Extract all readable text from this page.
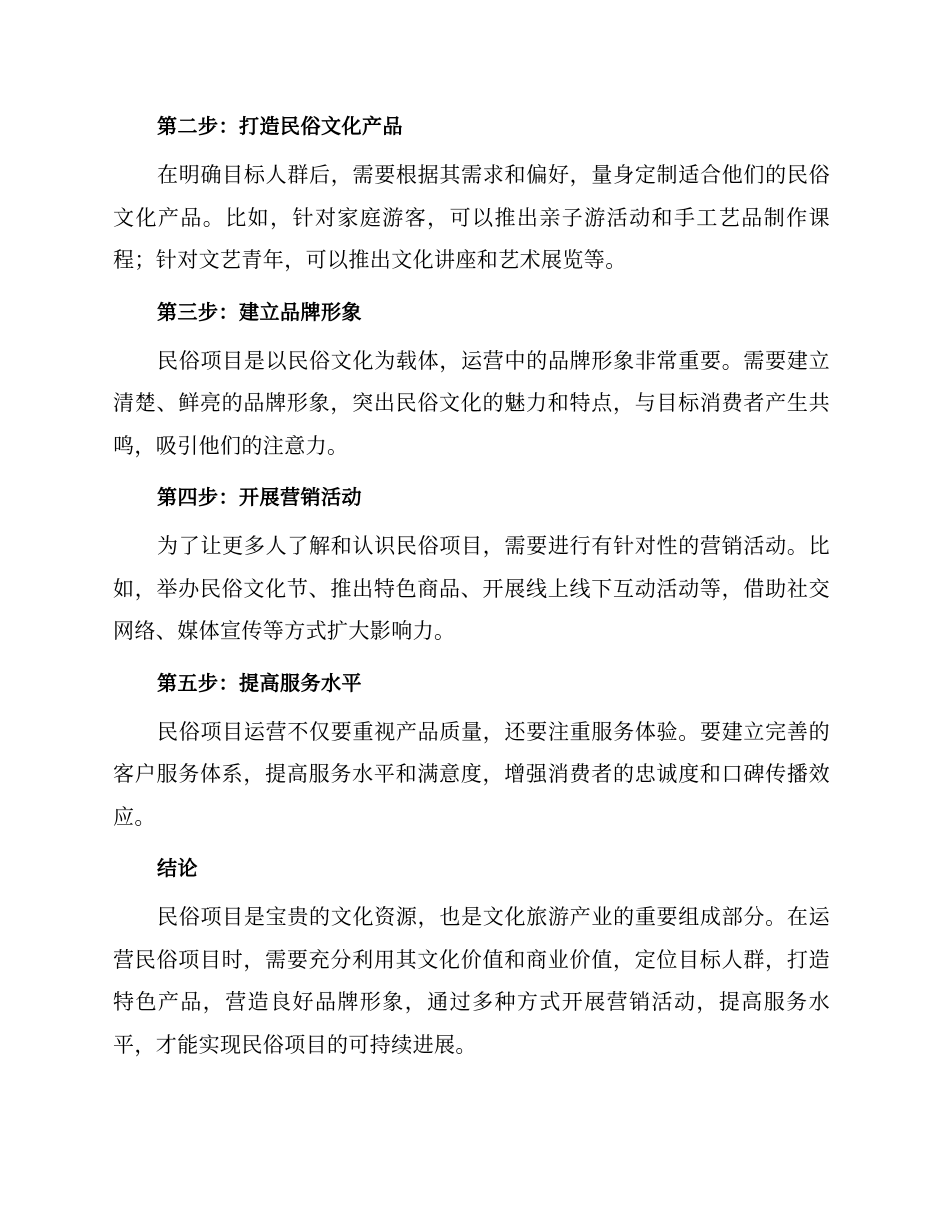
第二步：打造民俗文化产品

在明确目标人群后，需要根据其需求和偏好，量身定制适合他们的民俗文化产品。比如，针对家庭游客，可以推出亲子游活动和手工艺品制作课程；针对文艺青年，可以推出文化讲座和艺术展览等。

第三步：建立品牌形象

民俗项目是以民俗文化为载体，运营中的品牌形象非常重要。需要建立清楚、鲜亮的品牌形象，突出民俗文化的魅力和特点，与目标消费者产生共鸣，吸引他们的注意力。

第四步：开展营销活动

为了让更多人了解和认识民俗项目，需要进行有针对性的营销活动。比如，举办民俗文化节、推出特色商品、开展线上线下互动活动等，借助社交网络、媒体宣传等方式扩大影响力。

第五步：提高服务水平

民俗项目运营不仅要重视产品质量，还要注重服务体验。要建立完善的客户服务体系，提高服务水平和满意度，增强消费者的忠诚度和口碑传播效应。

结论

民俗项目是宝贵的文化资源，也是文化旅游产业的重要组成部分。在运营民俗项目时，需要充分利用其文化价值和商业价值，定位目标人群，打造特色产品，营造良好品牌形象，通过多种方式开展营销活动，提高服务水平，才能实现民俗项目的可持续进展。
